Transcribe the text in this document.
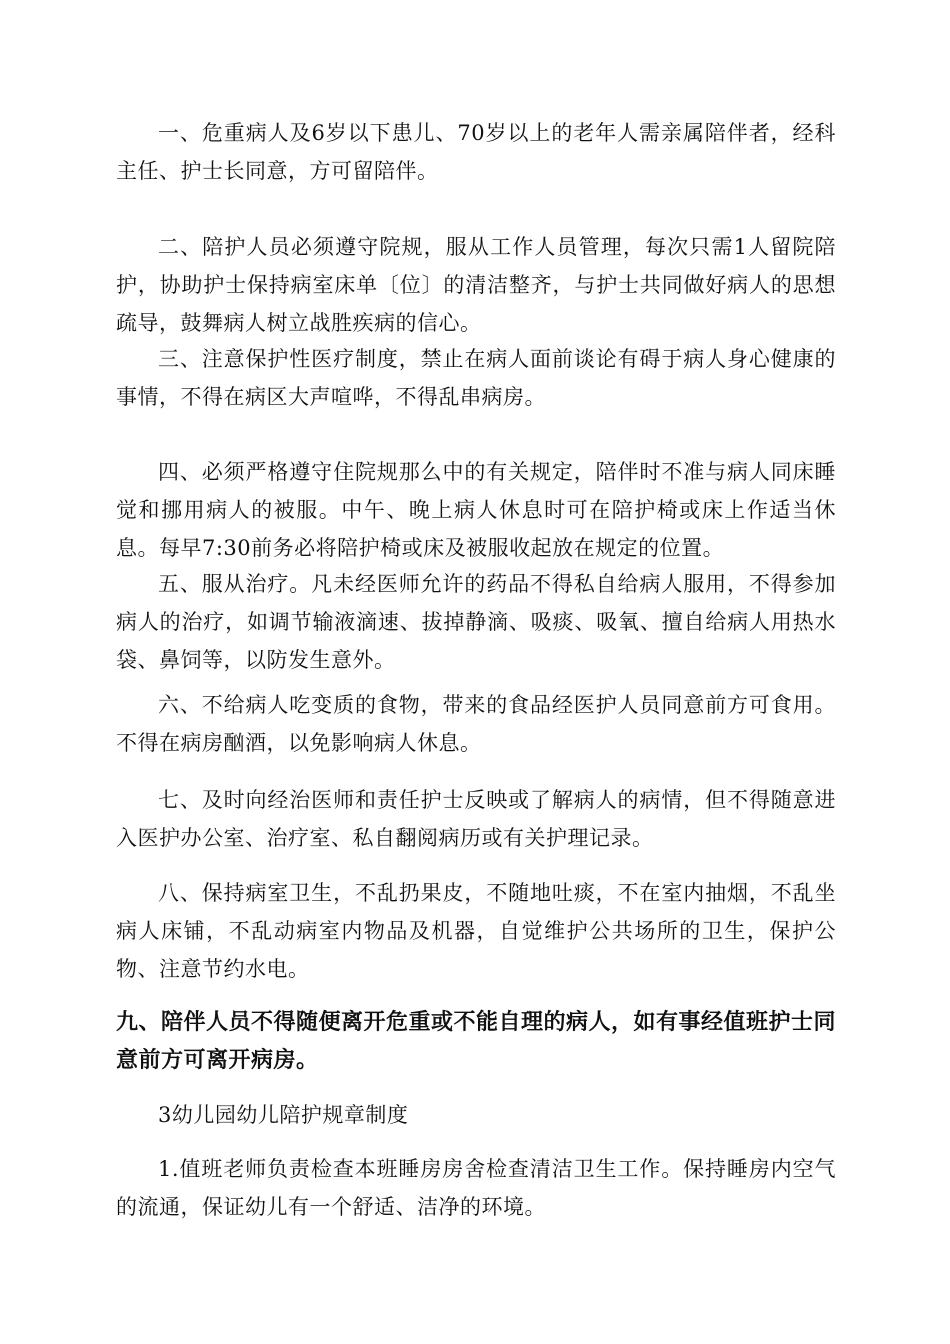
一、危重病人及6岁以下患儿、70岁以上的老年人需亲属陪伴者，经科主任、护士长同意，方可留陪伴。

二、陪护人员必须遵守院规，服从工作人员管理，每次只需1人留院陪护，协助护士保持病室床单〔位〕的清洁整齐，与护士共同做好病人的思想疏导，鼓舞病人树立战胜疾病的信心。

三、注意保护性医疗制度，禁止在病人面前谈论有碍于病人身心健康的事情，不得在病区大声喧哗，不得乱串病房。

四、必须严格遵守住院规那么中的有关规定，陪伴时不准与病人同床睡觉和挪用病人的被服。中午、晚上病人休息时可在陪护椅或床上作适当休息。每早7:30前务必将陪护椅或床及被服收起放在规定的位置。

五、服从治疗。凡未经医师允许的药品不得私自给病人服用，不得参加病人的治疗，如调节输液滴速、拔掉静滴、吸痰、吸氧、擅自给病人用热水袋、鼻饲等，以防发生意外。

六、不给病人吃变质的食物，带来的食品经医护人员同意前方可食用。不得在病房酗酒，以免影响病人休息。

七、及时向经治医师和责任护士反映或了解病人的病情，但不得随意进入医护办公室、治疗室、私自翻阅病历或有关护理记录。

八、保持病室卫生，不乱扔果皮，不随地吐痰，不在室内抽烟，不乱坐病人床铺，不乱动病室内物品及机器，自觉维护公共场所的卫生，保护公物、注意节约水电。

九、陪伴人员不得随便离开危重或不能自理的病人，如有事经值班护士同意前方可离开病房。

3幼儿园幼儿陪护规章制度

1.值班老师负责检查本班睡房房舍检查清洁卫生工作。保持睡房内空气的流通，保证幼儿有一个舒适、洁净的环境。
